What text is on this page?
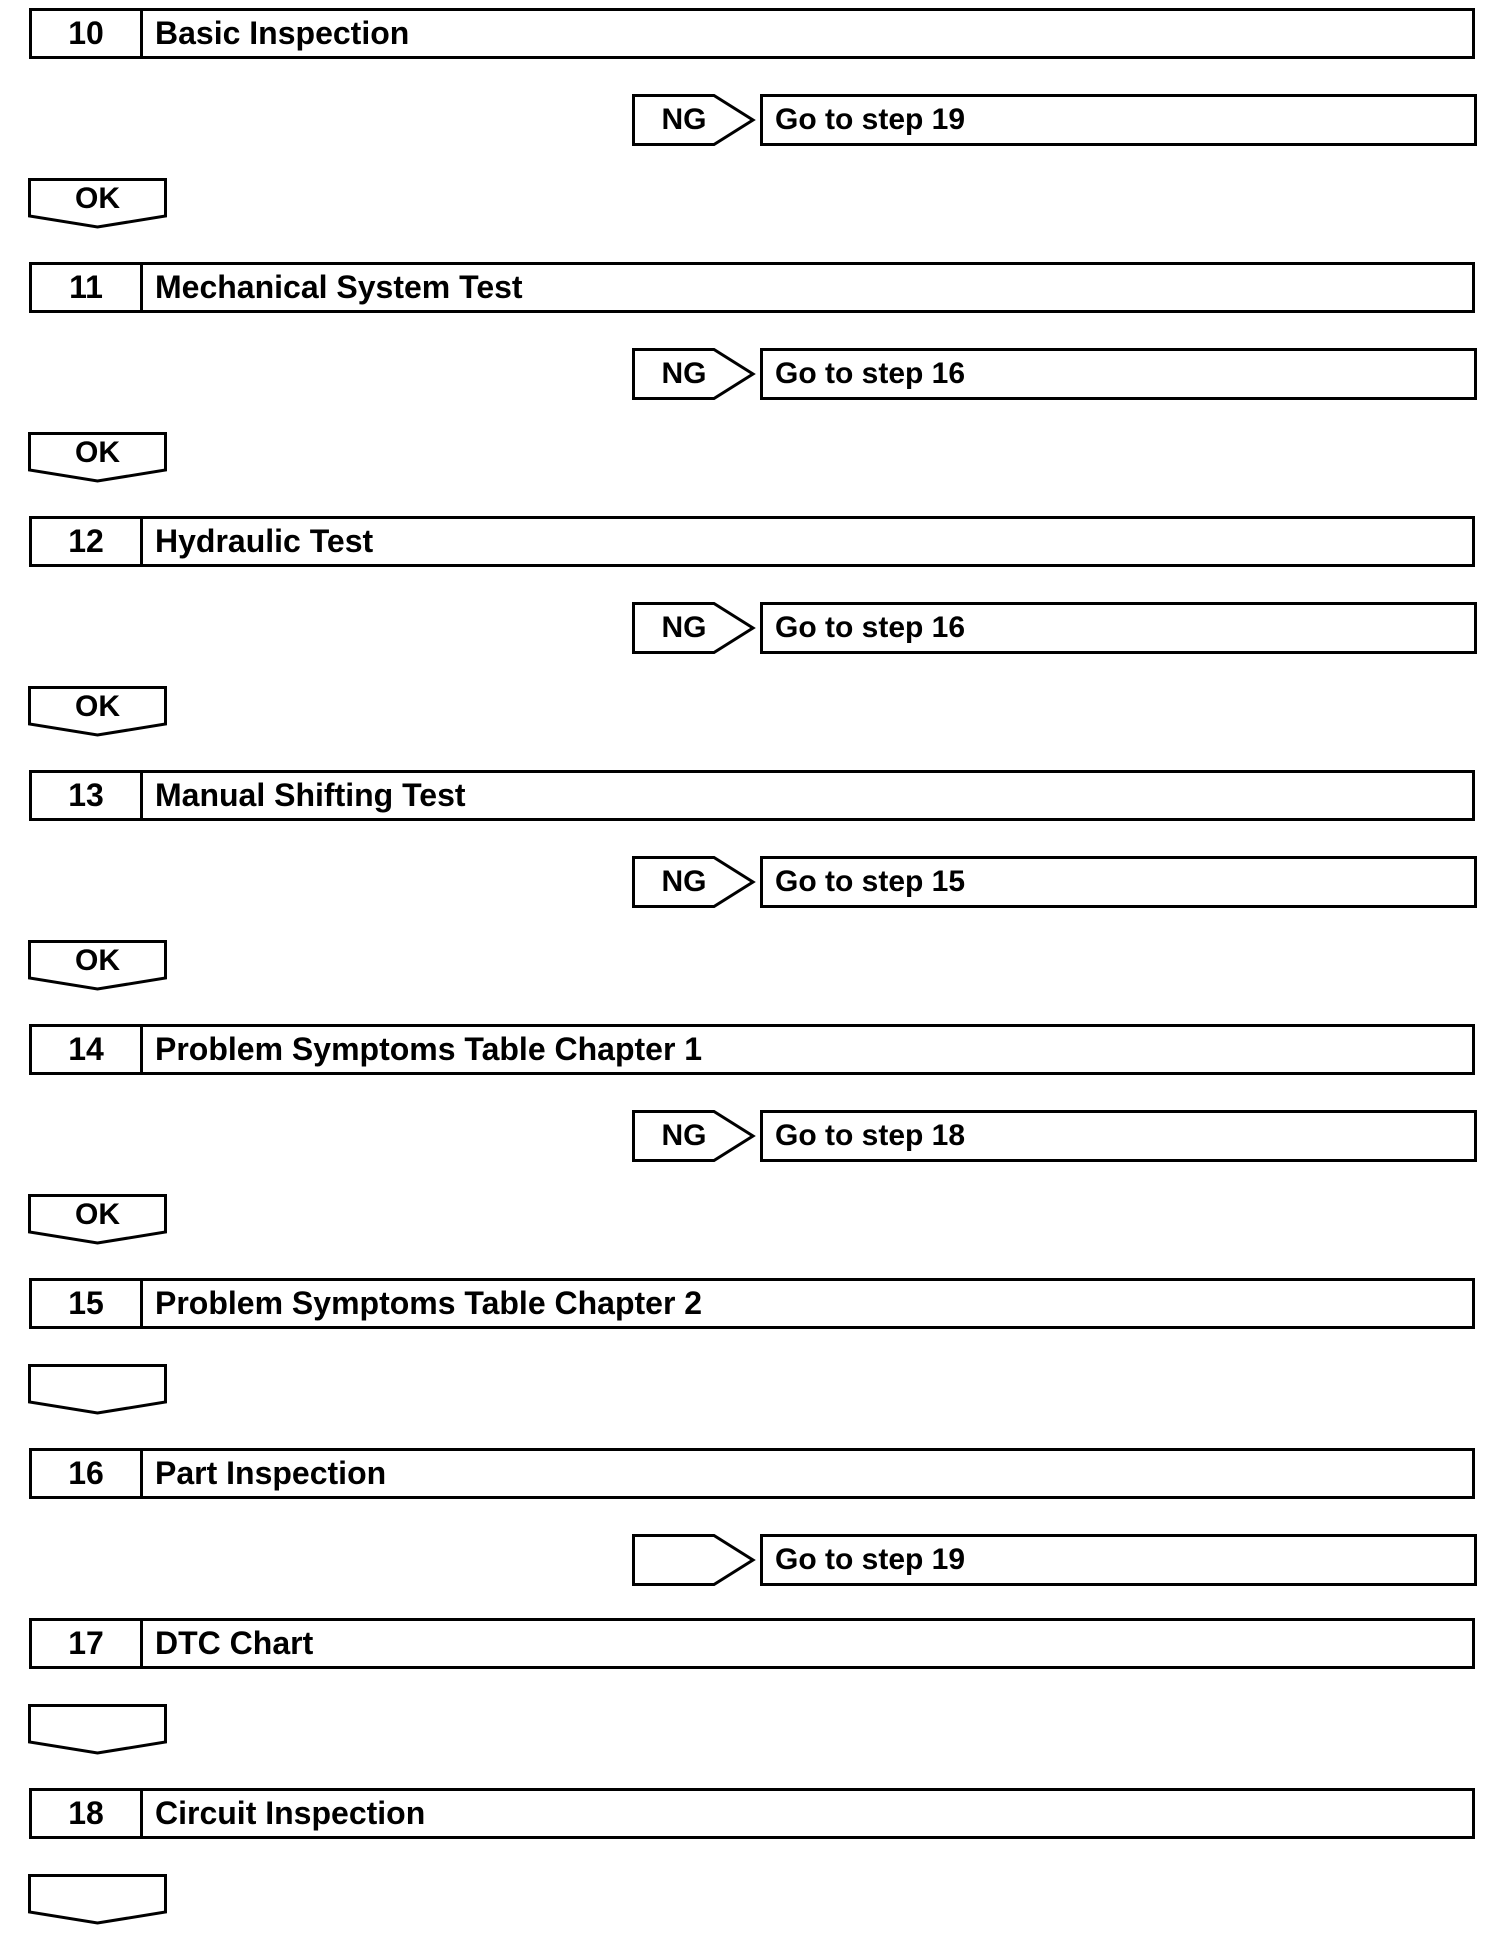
10	Basic Inspection
NG	Go to step 19
OK
11	Mechanical System Test
NG	Go to step 16
OK
12	Hydraulic Test
NG	Go to step 16
OK
13	Manual Shifting Test
NG	Go to step 15
OK
14	Problem Symptoms Table Chapter 1
NG	Go to step 18
OK
15	Problem Symptoms Table Chapter 2
16	Part Inspection
Go to step 19
17	DTC Chart
18	Circuit Inspection
